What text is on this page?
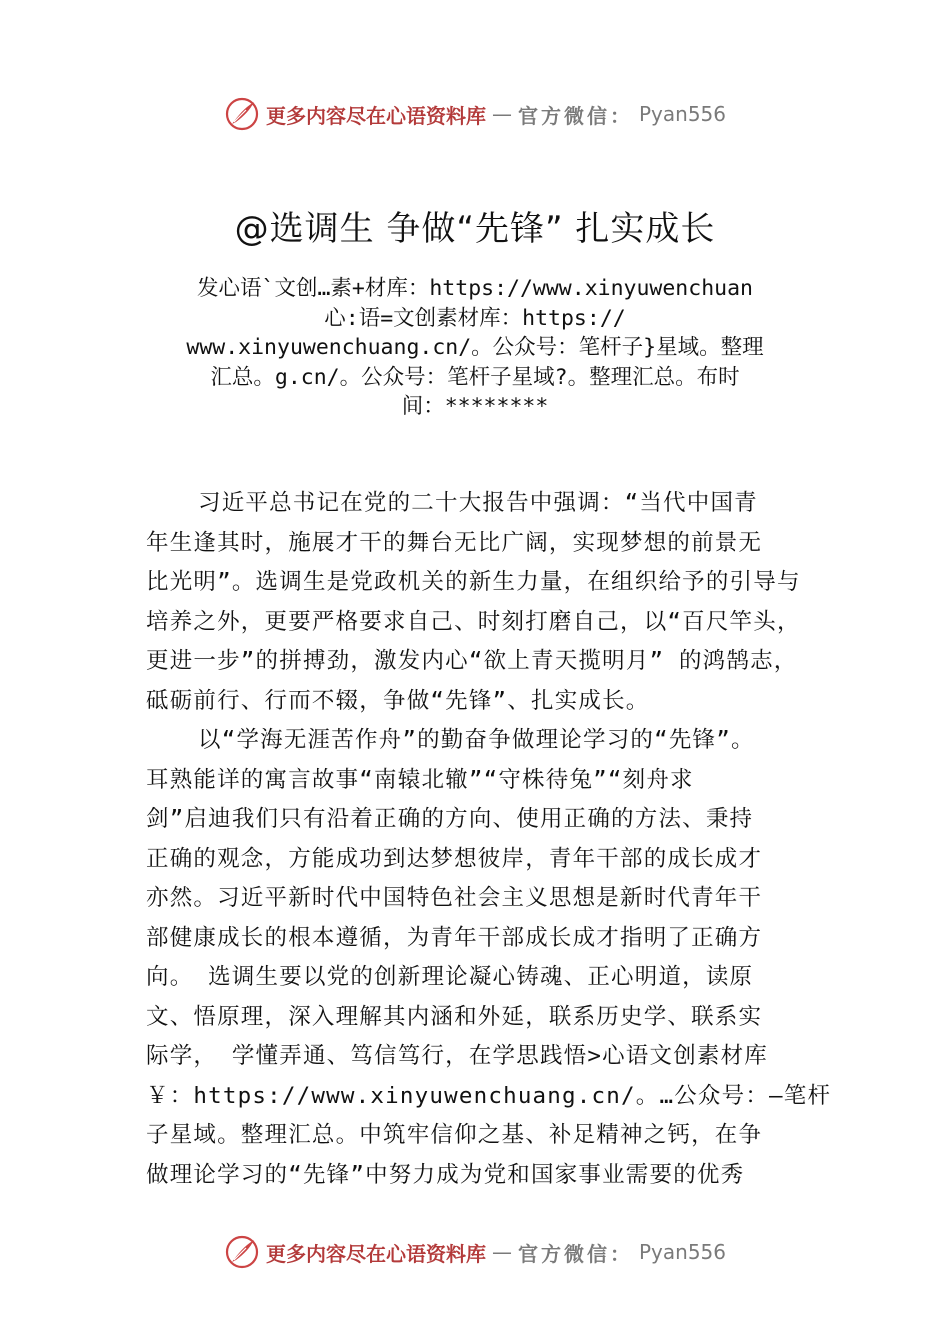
更多内容尽在心语资料库 — 官方微信： Pyan556
@选调生 争做“先锋” 扎实成长
发心语`文创…素+材库：https://www.xinyuwenchuan
心:语=文创素材库：https://
www.xinyuwenchuang.cn/。公众号：笔杆子}星域。整理
汇总。g.cn/。公众号：笔杆子星域?。整理汇总。布时
间：********
习近平总书记在党的二十大报告中强调：“当代中国青
年生逢其时，施展才干的舞台无比广阔，实现梦想的前景无
比光明”。选调生是党政机关的新生力量，在组织给予的引导与
培养之外，更要严格要求自己、时刻打磨自己，以“百尺竿头，
更进一步”的拼搏劲，激发内心“欲上青天揽明月” 的鸿鹄志，
砥砺前行、行而不辍，争做“先锋”、扎实成长。
以“学海无涯苦作舟”的勤奋争做理论学习的“先锋”。
耳熟能详的寓言故事“南辕北辙”“守株待兔”“刻舟求
剑”启迪我们只有沿着正确的方向、使用正确的方法、秉持
正确的观念，方能成功到达梦想彼岸，青年干部的成长成才
亦然。习近平新时代中国特色社会主义思想是新时代青年干
部健康成长的根本遵循，为青年干部成长成才指明了正确方
向。 选调生要以党的创新理论凝心铸魂、正心明道，读原
文、悟原理，深入理解其内涵和外延，联系历史学、联系实
际学， 学懂弄通、笃信笃行，在学思践悟>心语文创素材库
￥：https://www.xinyuwenchuang.cn/。…公众号：—笔杆
子星域。整理汇总。中筑牢信仰之基、补足精神之钙，在争
做理论学习的“先锋”中努力成为党和国家事业需要的优秀
更多内容尽在心语资料库 — 官方微信： Pyan556
